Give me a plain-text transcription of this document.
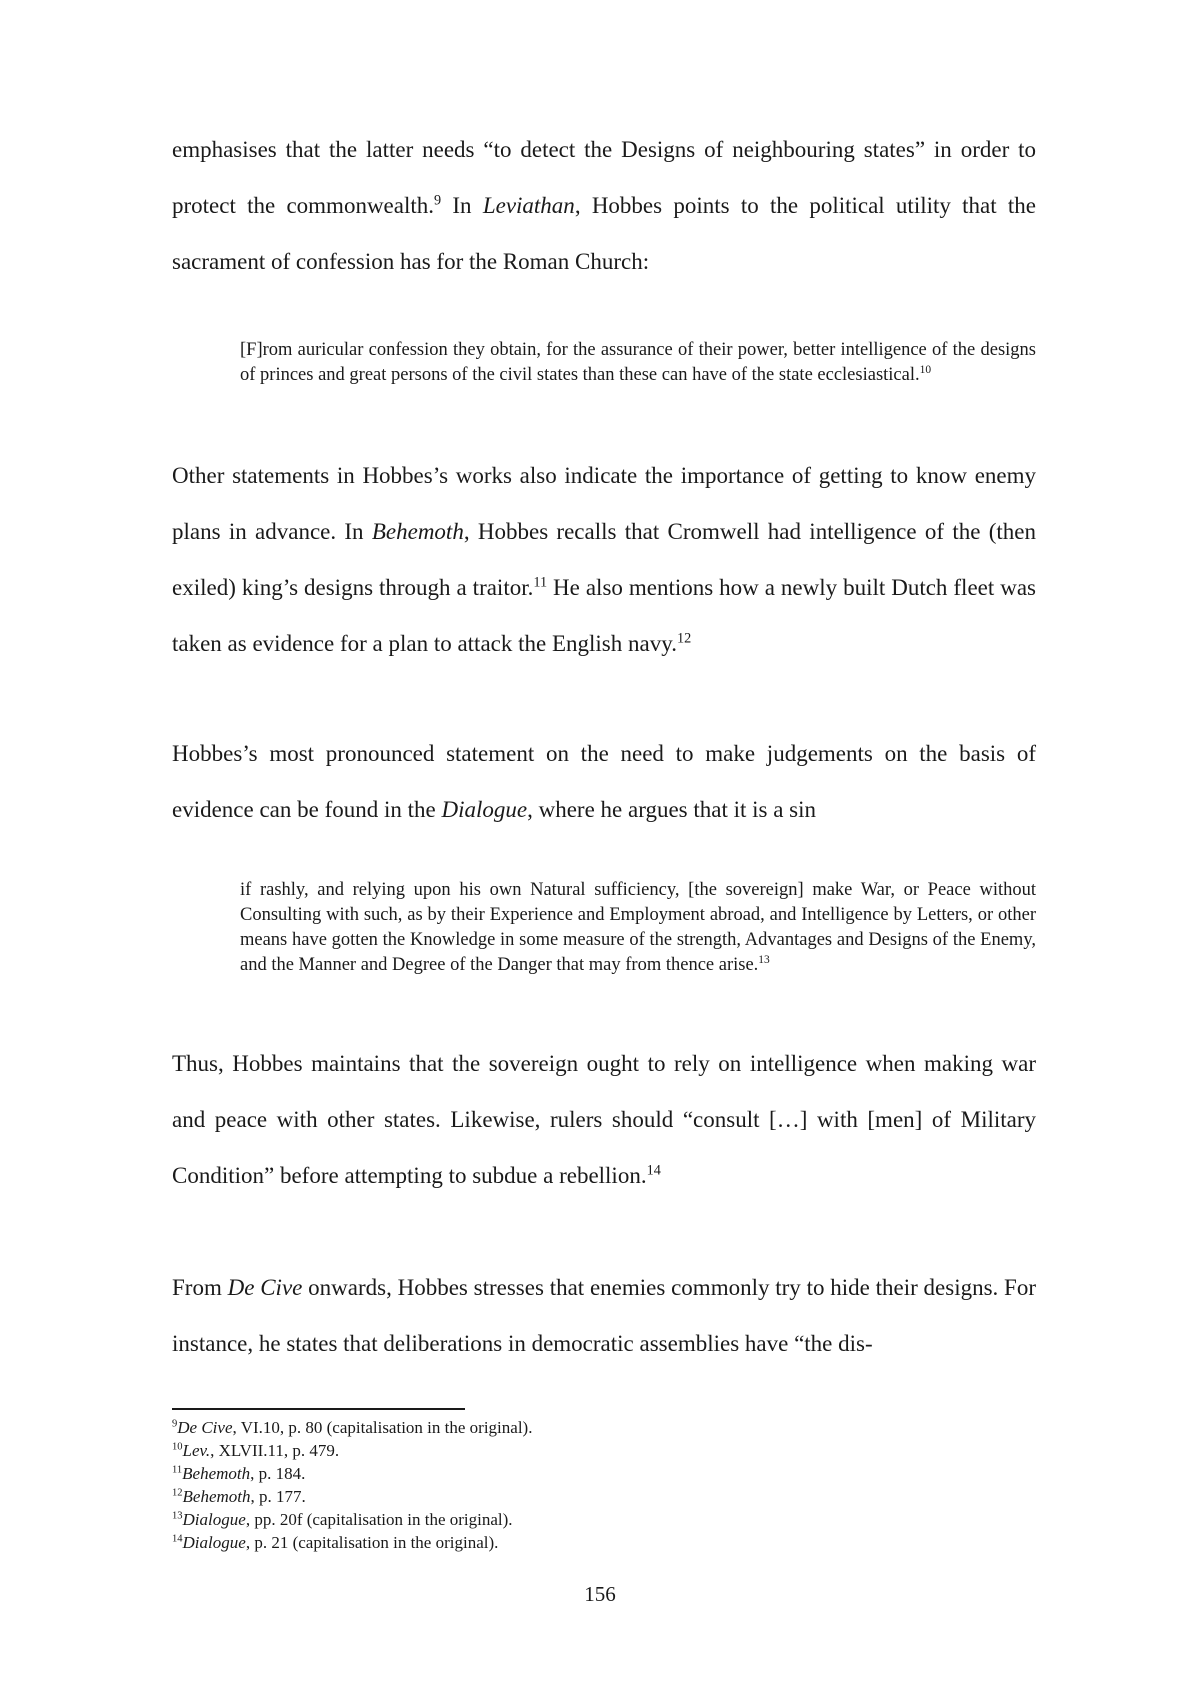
emphasises that the latter needs “to detect the Designs of neighbouring states” in order to protect the commonwealth.$^9$ In Leviathan, Hobbes points to the political utility that the sacrament of confession has for the Roman Church:

[F]rom auricular confession they obtain, for the assurance of their power, better intelligence of the designs of princes and great persons of the civil states than these can have of the state ecclesiastical.$^{10}$

Other statements in Hobbes’s works also indicate the importance of getting to know enemy plans in advance. In Behemoth, Hobbes recalls that Cromwell had intelligence of the (then exiled) king’s designs through a traitor.$^{11}$ He also mentions how a newly built Dutch fleet was taken as evidence for a plan to attack the English navy.$^{12}$

Hobbes’s most pronounced statement on the need to make judgements on the basis of evidence can be found in the Dialogue, where he argues that it is a sin

if rashly, and relying upon his own Natural sufficiency, [the sovereign] make War, or Peace without Consulting with such, as by their Experience and Employment abroad, and Intelligence by Letters, or other means have gotten the Knowledge in some measure of the strength, Advantages and Designs of the Enemy, and the Manner and Degree of the Danger that may from thence arise.$^{13}$

Thus, Hobbes maintains that the sovereign ought to rely on intelligence when making war and peace with other states. Likewise, rulers should “consult […] with [men] of Military Condition” before attempting to subdue a rebellion.$^{14}$

From De Cive onwards, Hobbes stresses that enemies commonly try to hide their designs. For instance, he states that deliberations in democratic assemblies have “the dis-

$^9$De Cive, VI.10, p. 80 (capitalisation in the original).

$^{10}$Lev., XLVII.11, p. 479.

$^{11}$Behemoth, p. 184.

$^{12}$Behemoth, p. 177.

$^{13}$Dialogue, pp. 20f (capitalisation in the original).

$^{14}$Dialogue, p. 21 (capitalisation in the original).

156
